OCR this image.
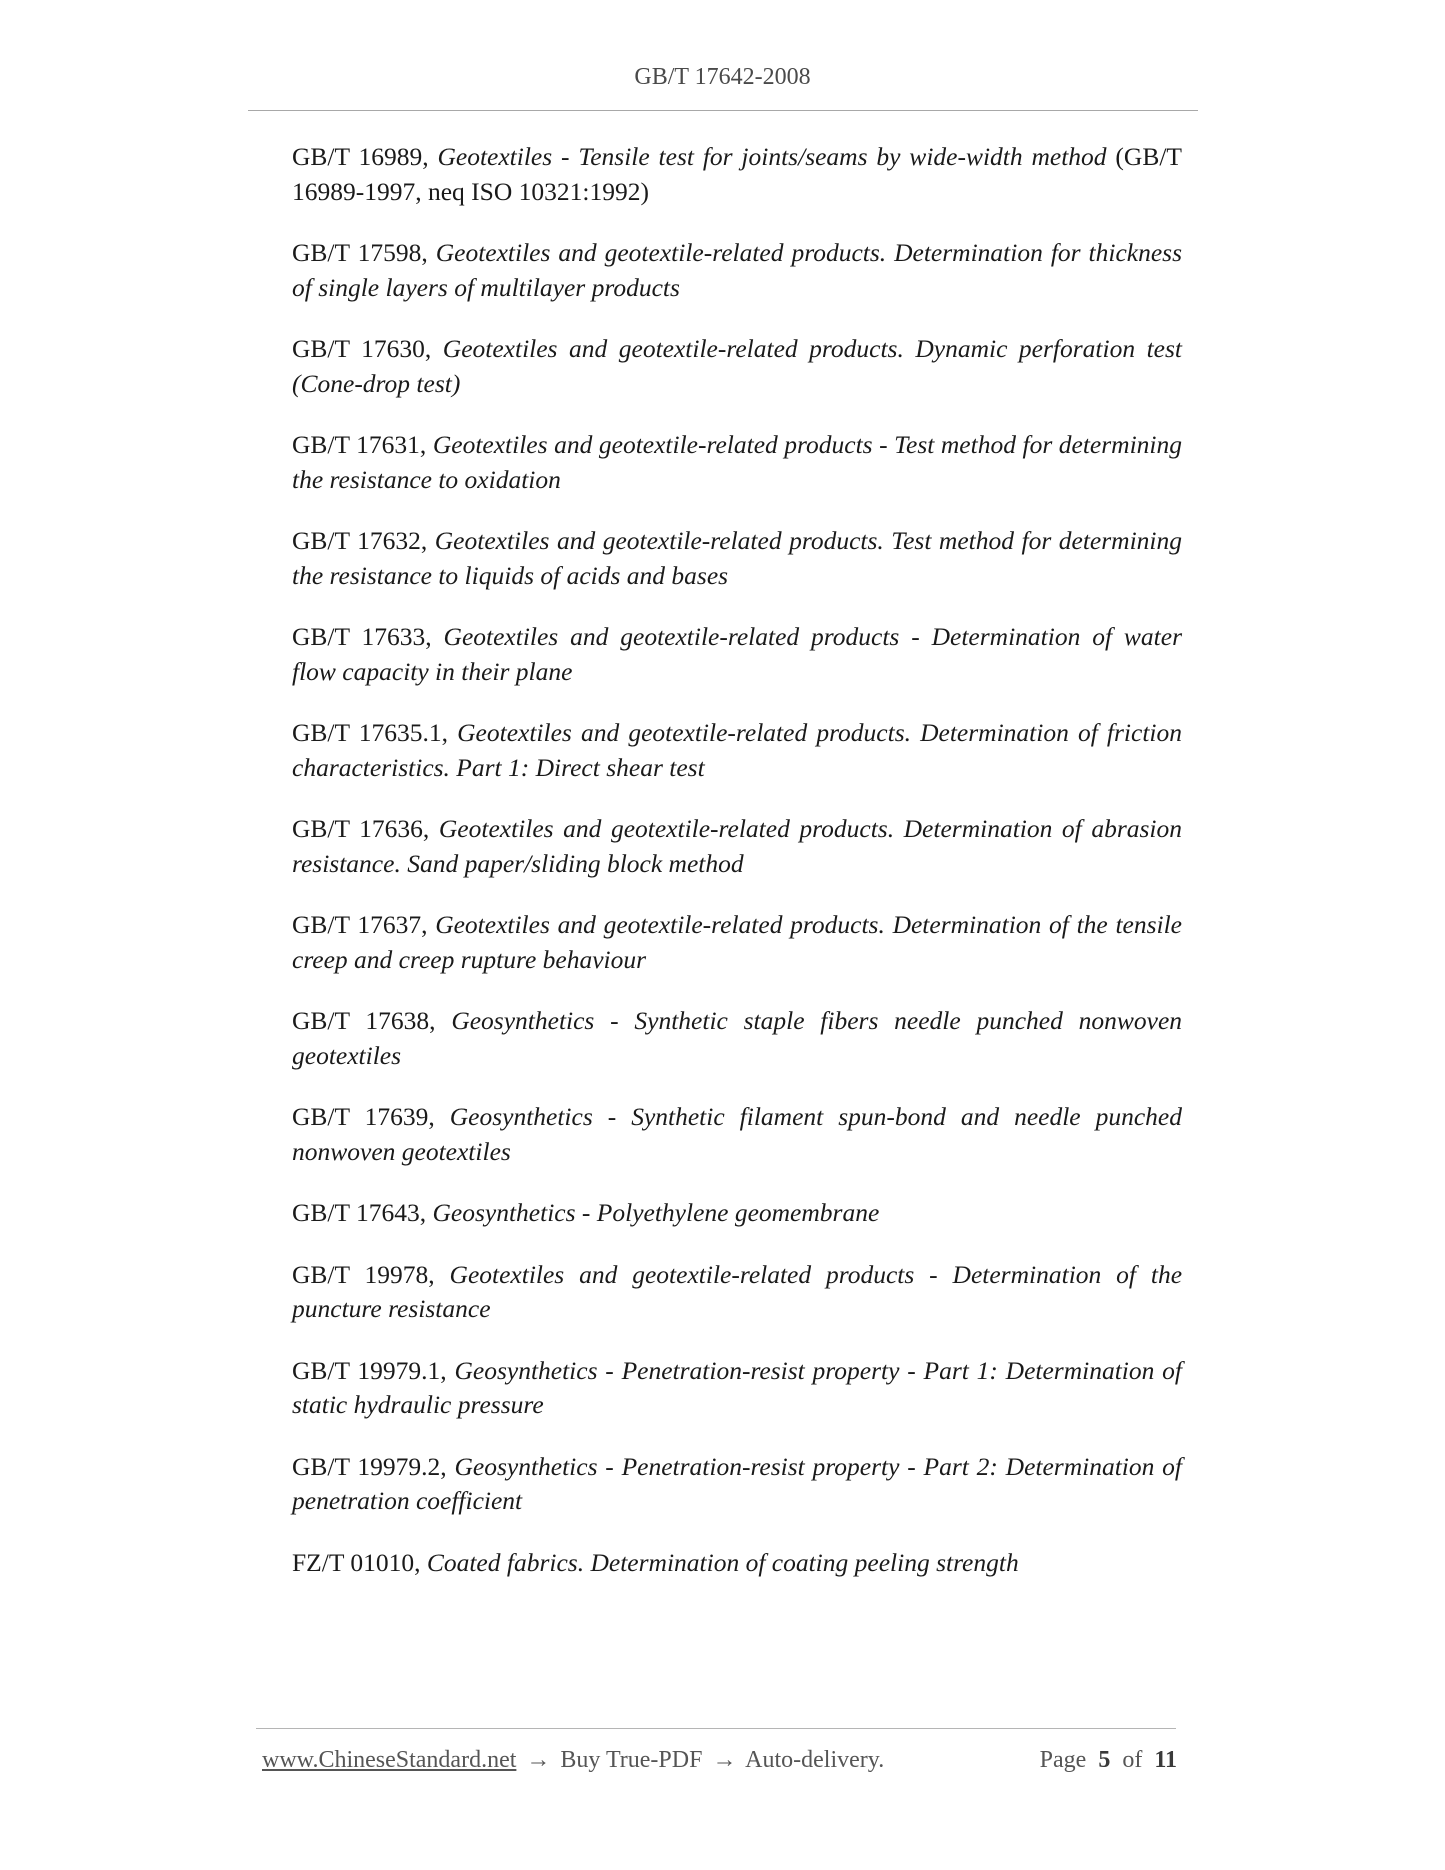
GB/T 17642-2008
GB/T 16989, Geotextiles - Tensile test for joints/seams by wide-width method (GB/T 16989-1997, neq ISO 10321:1992)
GB/T 17598, Geotextiles and geotextile-related products. Determination for thickness of single layers of multilayer products
GB/T 17630, Geotextiles and geotextile-related products. Dynamic perforation test (Cone-drop test)
GB/T 17631, Geotextiles and geotextile-related products - Test method for determining the resistance to oxidation
GB/T 17632, Geotextiles and geotextile-related products. Test method for determining the resistance to liquids of acids and bases
GB/T 17633, Geotextiles and geotextile-related products - Determination of water flow capacity in their plane
GB/T 17635.1, Geotextiles and geotextile-related products. Determination of friction characteristics. Part 1: Direct shear test
GB/T 17636, Geotextiles and geotextile-related products. Determination of abrasion resistance. Sand paper/sliding block method
GB/T 17637, Geotextiles and geotextile-related products. Determination of the tensile creep and creep rupture behaviour
GB/T 17638, Geosynthetics - Synthetic staple fibers needle punched nonwoven geotextiles
GB/T 17639, Geosynthetics - Synthetic filament spun-bond and needle punched nonwoven geotextiles
GB/T 17643, Geosynthetics - Polyethylene geomembrane
GB/T 19978, Geotextiles and geotextile-related products - Determination of the puncture resistance
GB/T 19979.1, Geosynthetics - Penetration-resist property - Part 1: Determination of static hydraulic pressure
GB/T 19979.2, Geosynthetics - Penetration-resist property - Part 2: Determination of penetration coefficient
FZ/T 01010, Coated fabrics. Determination of coating peeling strength
www.ChineseStandard.net → Buy True-PDF → Auto-delivery.	Page 5 of 11
